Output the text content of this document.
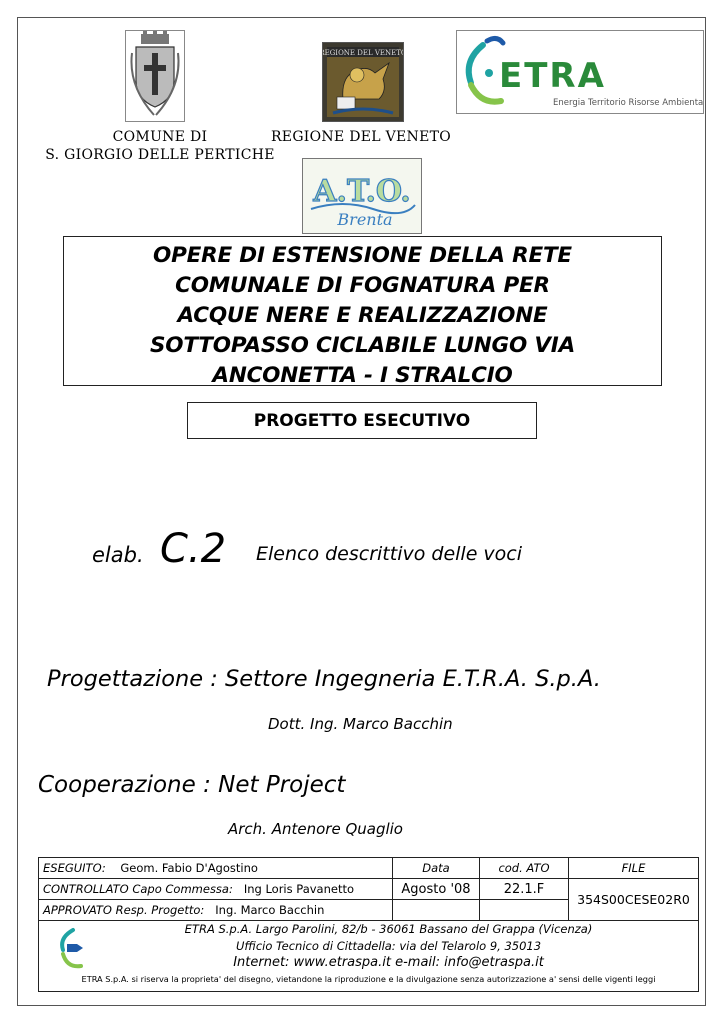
COMUNE DI
S. GIORGIO DELLE PERTICHE
REGIONE DEL VENETO
REGIONE DEL VENETO
ETRA
Energia Territorio Risorse Ambientali
A.T.O.
Brenta
OPERE DI ESTENSIONE DELLA RETE
COMUNALE DI FOGNATURA PER
ACQUE NERE E REALIZZAZIONE
SOTTOPASSO CICLABILE LUNGO VIA
ANCONETTA - I STRALCIO
PROGETTO ESECUTIVO
elab. C.2 Elenco descrittivo delle voci
Progettazione : Settore Ingegneria E.T.R.A. S.p.A.
Dott. Ing. Marco Bacchin
Cooperazione : Net Project
Arch. Antenore Quaglio
ESEGUITO: Geom. Fabio D'Agostino	Data	cod. ATO	FILE
CONTROLLATO Capo Commessa: Ing Loris Pavanetto	Agosto '08	22.1.F	354S00CESE02R0
APPROVATO Resp. Progetto: Ing. Marco Bacchin			
ETRA S.p.A. Largo Parolini, 82/b - 36061 Bassano del Grappa (Vicenza)
Ufficio Tecnico di Cittadella: via del Telarolo 9, 35013
Internet: www.etraspa.it e-mail: info@etraspa.it
ETRA S.p.A. si riserva la proprieta' del disegno, vietandone la riproduzione e la divulgazione senza autorizzazione a' sensi delle vigenti leggi
